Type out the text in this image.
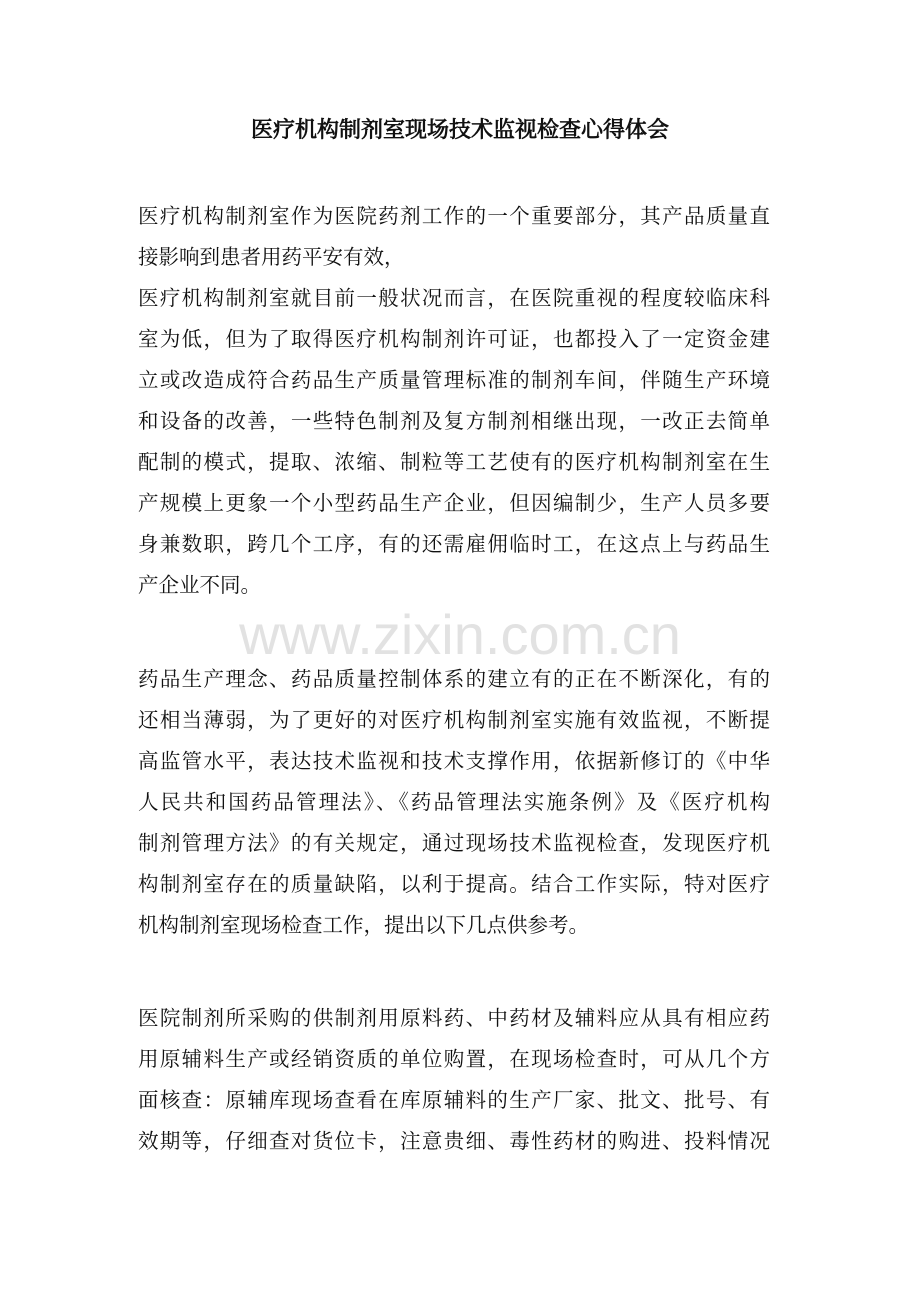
医疗机构制剂室现场技术监视检查心得体会
医疗机构制剂室作为医院药剂工作的一个重要部分，其产品质量直
接影响到患者用药平安有效，
医疗机构制剂室就目前一般状况而言，在医院重视的程度较临床科
室为低，但为了取得医疗机构制剂许可证，也都投入了一定资金建
立或改造成符合药品生产质量管理标准的制剂车间，伴随生产环境
和设备的改善，一些特色制剂及复方制剂相继出现，一改正去简单
配制的模式，提取、浓缩、制粒等工艺使有的医疗机构制剂室在生
产规模上更象一个小型药品生产企业，但因编制少，生产人员多要
身兼数职，跨几个工序，有的还需雇佣临时工，在这点上与药品生
产企业不同。
www.zixin.com.cn
药品生产理念、药品质量控制体系的建立有的正在不断深化，有的
还相当薄弱，为了更好的对医疗机构制剂室实施有效监视，不断提
高监管水平，表达技术监视和技术支撑作用，依据新修订的《中华
人民共和国药品管理法》、《药品管理法实施条例》及《医疗机构
制剂管理方法》的有关规定，通过现场技术监视检查，发现医疗机
构制剂室存在的质量缺陷，以利于提高。结合工作实际，特对医疗
机构制剂室现场检查工作，提出以下几点供参考。
医院制剂所采购的供制剂用原料药、中药材及辅料应从具有相应药
用原辅料生产或经销资质的单位购置，在现场检查时，可从几个方
面核查：原辅库现场查看在库原辅料的生产厂家、批文、批号、有
效期等，仔细查对货位卡，注意贵细、毒性药材的购进、投料情况
